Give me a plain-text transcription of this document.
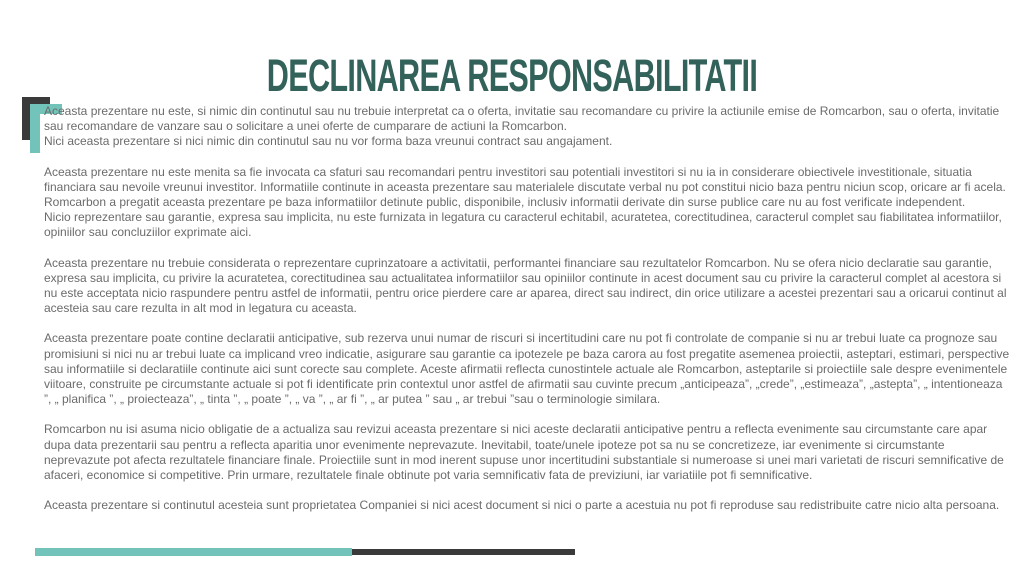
DECLINAREA RESPONSABILITATII

Aceasta prezentare nu este, si nimic din continutul sau nu trebuie interpretat ca o oferta, invitatie sau recomandare cu privire la actiunile emise de Romcarbon, sau o oferta, invitatie sau recomandare de vanzare sau o solicitare a unei oferte de cumparare de actiuni la Romcarbon.
Nici aceasta prezentare si nici nimic din continutul sau nu vor forma baza vreunui contract sau angajament.

Aceasta prezentare nu este menita sa fie invocata ca sfaturi sau recomandari pentru investitori sau potentiali investitori si nu ia in considerare obiectivele investitionale, situatia financiara sau nevoile vreunui investitor. Informatiile continute in aceasta prezentare sau materialele discutate verbal nu pot constitui nicio baza pentru niciun scop, oricare ar fi acela.
Romcarbon a pregatit aceasta prezentare pe baza informatiilor detinute public, disponibile, inclusiv informatii derivate din surse publice care nu au fost verificate independent.
Nicio reprezentare sau garantie, expresa sau implicita, nu este furnizata in legatura cu caracterul echitabil, acuratetea, corectitudinea, caracterul complet sau fiabilitatea informatiilor, opiniilor sau concluziilor exprimate aici.

Aceasta prezentare nu trebuie considerata o reprezentare cuprinzatoare a activitatii, performantei financiare sau rezultatelor Romcarbon. Nu se ofera nicio declaratie sau garantie, expresa sau implicita, cu privire la acuratetea, corectitudinea sau actualitatea informatiilor sau opiniilor continute in acest document sau cu privire la caracterul complet al acestora si nu este acceptata nicio raspundere pentru astfel de informatii, pentru orice pierdere care ar aparea, direct sau indirect, din orice utilizare a acestei prezentari sau a oricarui continut al acesteia sau care rezulta in alt mod in legatura cu aceasta.

Aceasta prezentare poate contine declaratii anticipative, sub rezerva unui numar de riscuri si incertitudini care nu pot fi controlate de companie si nu ar trebui luate ca prognoze sau promisiuni si nici nu ar trebui luate ca implicand vreo indicatie, asigurare sau garantie ca ipotezele pe baza carora au fost pregatite asemenea proiectii, asteptari, estimari, perspective sau informatiile si declaratiile continute aici sunt corecte sau complete. Aceste afirmatii reflecta cunostintele actuale ale Romcarbon, asteptarile si proiectiile sale despre evenimentele viitoare, construite pe circumstante actuale si pot fi identificate prin contextul unor astfel de afirmatii sau cuvinte precum „anticipeaza”, „crede”, „estimeaza”, „astepta”, „ intentioneaza ”, „ planifica ”, „ proiecteaza”, „ tinta ”, „ poate ”, „ va ”, „ ar fi ”, „ ar putea ” sau „ ar trebui ”sau o terminologie similara.

Romcarbon nu isi asuma nicio obligatie de a actualiza sau revizui aceasta prezentare si nici aceste declaratii anticipative pentru a reflecta evenimente sau circumstante care apar dupa data prezentarii sau pentru a reflecta aparitia unor evenimente neprevazute. Inevitabil, toate/unele ipoteze pot sa nu se concretizeze, iar evenimente si circumstante neprevazute pot afecta rezultatele financiare finale. Proiectiile sunt in mod inerent supuse unor incertitudini substantiale si numeroase si unei mari varietati de riscuri semnificative de afaceri, economice si competitive. Prin urmare, rezultatele finale obtinute pot varia semnificativ fata de previziuni, iar variatiile pot fi semnificative.

Aceasta prezentare si continutul acesteia sunt proprietatea Companiei si nici acest document si nici o parte a acestuia nu pot fi reproduse sau redistribuite catre nicio alta persoana.
